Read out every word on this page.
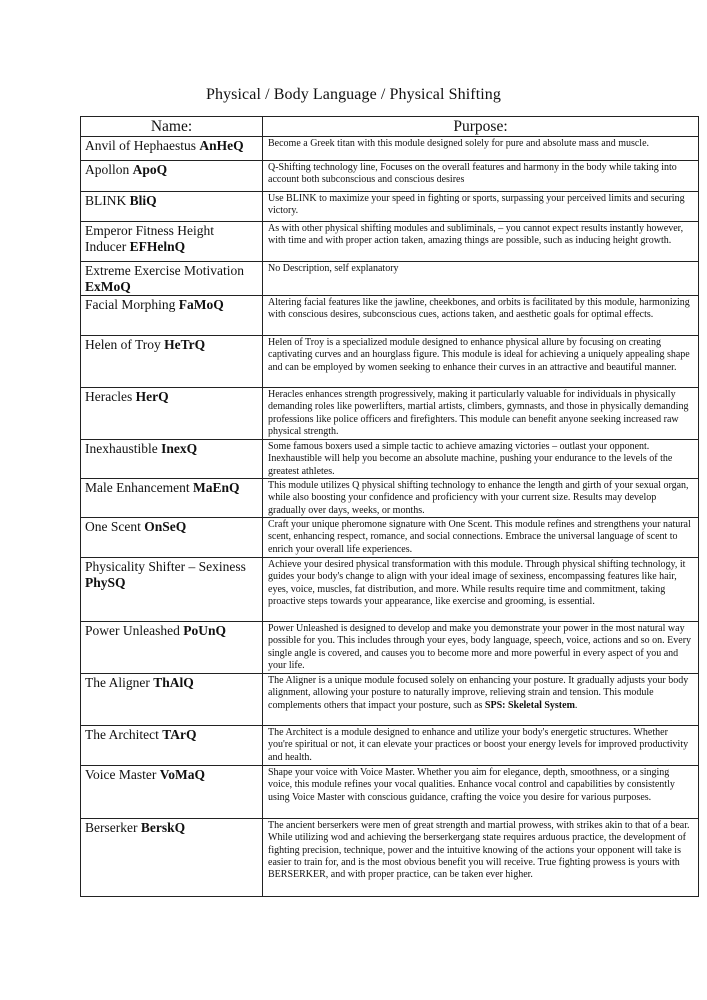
Physical / Body Language / Physical Shifting
Name:	Purpose:
Anvil of Hephaestus AnHeQ	Become a Greek titan with this module designed solely for pure and absolute mass and muscle.
Apollon ApoQ	Q-Shifting technology line, Focuses on the overall features and harmony in the body while taking into account both subconscious and conscious desires
BLINK BliQ	Use BLINK to maximize your speed in fighting or sports, surpassing your perceived limits and securing victory.
Emperor Fitness Height Inducer EFHelnQ	As with other physical shifting modules and subliminals, – you cannot expect results instantly however, with time and with proper action taken, amazing things are possible, such as inducing height growth.
Extreme Exercise Motivation ExMoQ	No Description, self explanatory
Facial Morphing FaMoQ	Altering facial features like the jawline, cheekbones, and orbits is facilitated by this module, harmonizing with conscious desires, subconscious cues, actions taken, and aesthetic goals for optimal effects.
Helen of Troy HeTrQ	Helen of Troy is a specialized module designed to enhance physical allure by focusing on creating captivating curves and an hourglass figure. This module is ideal for achieving a uniquely appealing shape and can be employed by women seeking to enhance their curves in an attractive and beautiful manner.
Heracles HerQ	Heracles enhances strength progressively, making it particularly valuable for individuals in physically demanding roles like powerlifters, martial artists, climbers, gymnasts, and those in physically demanding professions like police officers and firefighters. This module can benefit anyone seeking increased raw physical strength.
Inexhaustible InexQ	Some famous boxers used a simple tactic to achieve amazing victories – outlast your opponent. Inexhaustible will help you become an absolute machine, pushing your endurance to the levels of the greatest athletes.
Male Enhancement MaEnQ	This module utilizes Q physical shifting technology to enhance the length and girth of your sexual organ, while also boosting your confidence and proficiency with your current size. Results may develop gradually over days, weeks, or months.
One Scent OnSeQ	Craft your unique pheromone signature with One Scent. This module refines and strengthens your natural scent, enhancing respect, romance, and social connections. Embrace the universal language of scent to enrich your overall life experiences.
Physicality Shifter – Sexiness PhySQ	Achieve your desired physical transformation with this module. Through physical shifting technology, it guides your body's change to align with your ideal image of sexiness, encompassing features like hair, eyes, voice, muscles, fat distribution, and more. While results require time and commitment, taking proactive steps towards your appearance, like exercise and grooming, is essential.
Power Unleashed PoUnQ	Power Unleashed is designed to develop and make you demonstrate your power in the most natural way possible for you. This includes through your eyes, body language, speech, voice, actions and so on. Every single angle is covered, and causes you to become more and more powerful in every aspect of you and your life.
The Aligner ThAlQ	The Aligner is a unique module focused solely on enhancing your posture. It gradually adjusts your body alignment, allowing your posture to naturally improve, relieving strain and tension. This module complements others that impact your posture, such as SPS: Skeletal System.
The Architect TArQ	The Architect is a module designed to enhance and utilize your body's energetic structures. Whether you're spiritual or not, it can elevate your practices or boost your energy levels for improved productivity and health.
Voice Master VoMaQ	Shape your voice with Voice Master. Whether you aim for elegance, depth, smoothness, or a singing voice, this module refines your vocal qualities. Enhance vocal control and capabilities by consistently using Voice Master with conscious guidance, crafting the voice you desire for various purposes.
Berserker BerskQ	The ancient berserkers were men of great strength and martial prowess, with strikes akin to that of a bear. While utilizing wod and achieving the berserkergang state requires arduous practice, the development of fighting precision, technique, power and the intuitive knowing of the actions your opponent will take is easier to train for, and is the most obvious benefit you will receive. True fighting prowess is yours with BERSERKER, and with proper practice, can be taken ever higher.
